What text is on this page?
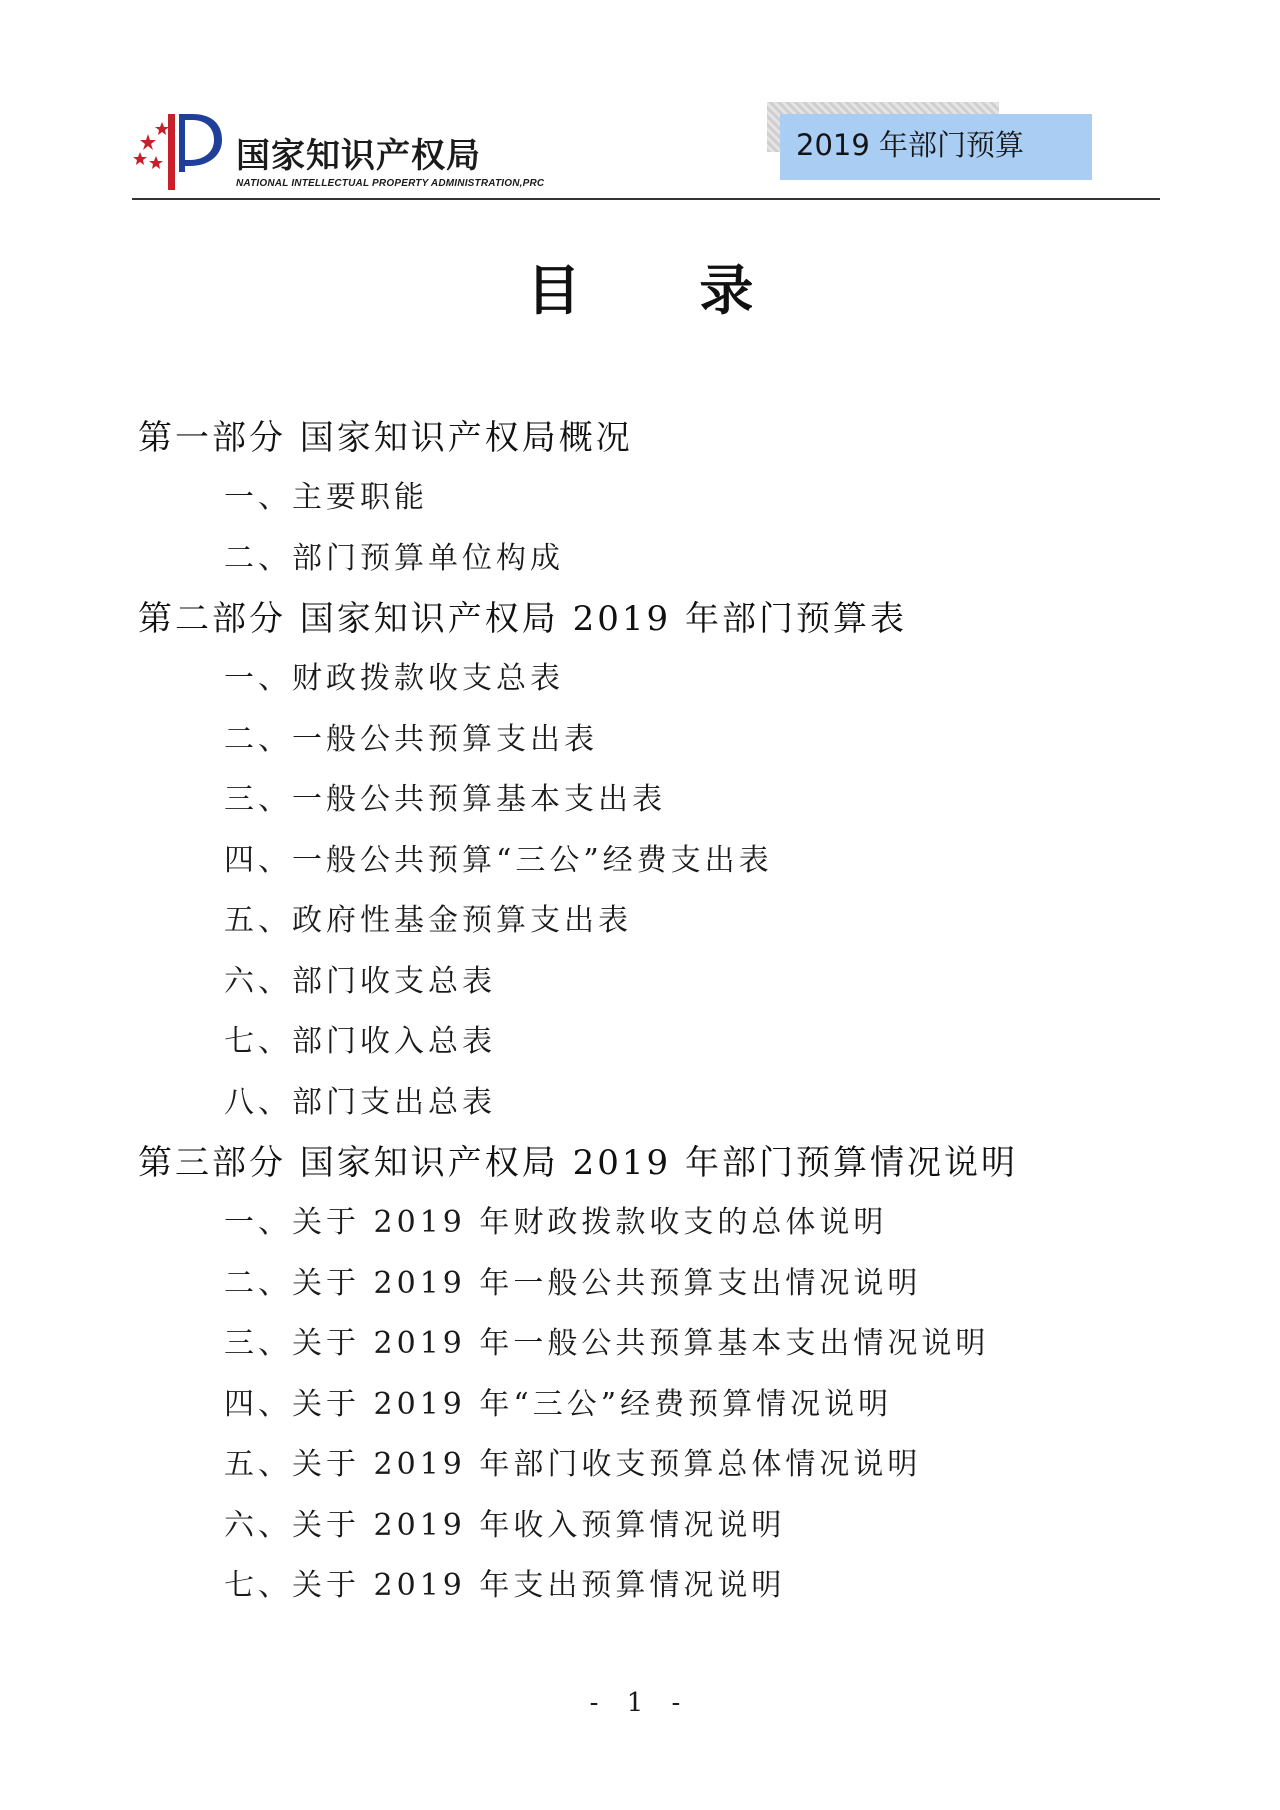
国家知识产权局
NATIONAL INTELLECTUAL PROPERTY ADMINISTRATION,PRC
2019 年部门预算
目 录
第一部分 国家知识产权局概况
一、主要职能
二、部门预算单位构成
第二部分 国家知识产权局 2019 年部门预算表
一、财政拨款收支总表
二、一般公共预算支出表
三、一般公共预算基本支出表
四、一般公共预算“三公”经费支出表
五、政府性基金预算支出表
六、部门收支总表
七、部门收入总表
八、部门支出总表
第三部分 国家知识产权局 2019 年部门预算情况说明
一、关于 2019 年财政拨款收支的总体说明
二、关于 2019 年一般公共预算支出情况说明
三、关于 2019 年一般公共预算基本支出情况说明
四、关于 2019 年“三公”经费预算情况说明
五、关于 2019 年部门收支预算总体情况说明
六、关于 2019 年收入预算情况说明
七、关于 2019 年支出预算情况说明
- 1 -
